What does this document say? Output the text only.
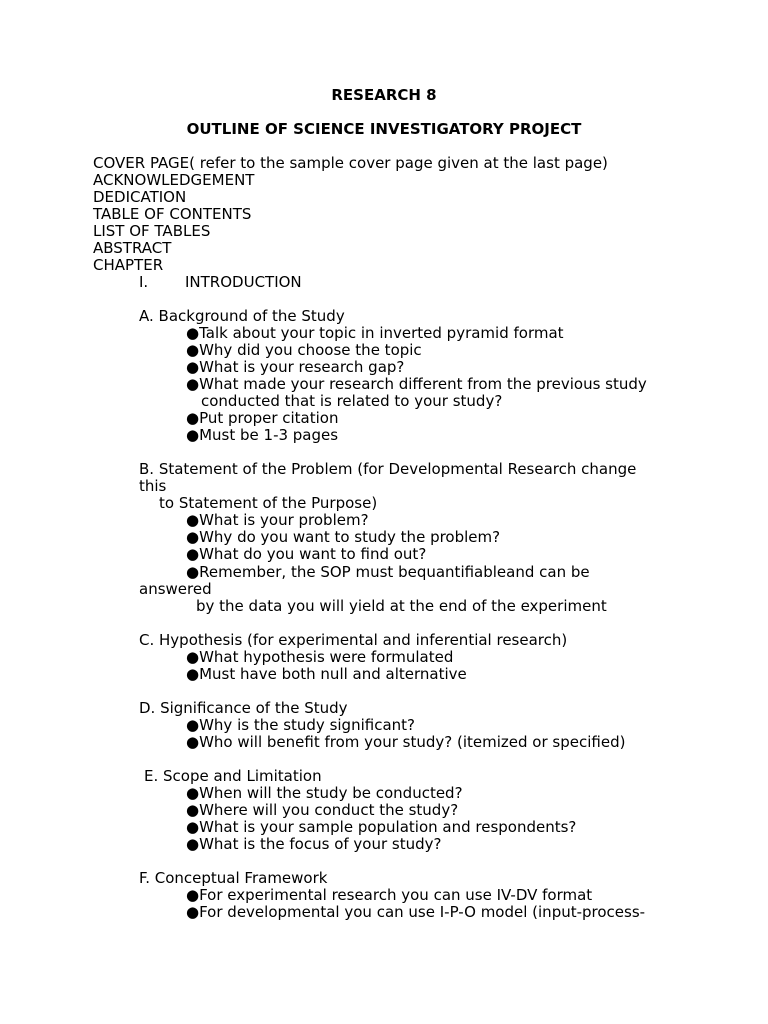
RESEARCH 8
OUTLINE OF SCIENCE INVESTIGATORY PROJECT
COVER PAGE( refer to the sample cover page given at the last page)
ACKNOWLEDGEMENT
DEDICATION
TABLE OF CONTENTS
LIST OF TABLES
ABSTRACT
CHAPTER
I. INTRODUCTION
A. Background of the Study
●Talk about your topic in inverted pyramid format
●Why did you choose the topic
●What is your research gap?
●What made your research different from the previous study
conducted that is related to your study?
●Put proper citation
●Must be 1-3 pages
B. Statement of the Problem (for Developmental Research change
this
to Statement of the Purpose)
●What is your problem?
●Why do you want to study the problem?
●What do you want to find out?
●Remember, the SOP must bequantifiableand can be
answered
by the data you will yield at the end of the experiment
C. Hypothesis (for experimental and inferential research)
●What hypothesis were formulated
●Must have both null and alternative
D. Significance of the Study
●Why is the study significant?
●Who will benefit from your study? (itemized or specified)
E. Scope and Limitation
●When will the study be conducted?
●Where will you conduct the study?
●What is your sample population and respondents?
●What is the focus of your study?
F. Conceptual Framework
●For experimental research you can use IV-DV format
●For developmental you can use I-P-O model (input-process-
